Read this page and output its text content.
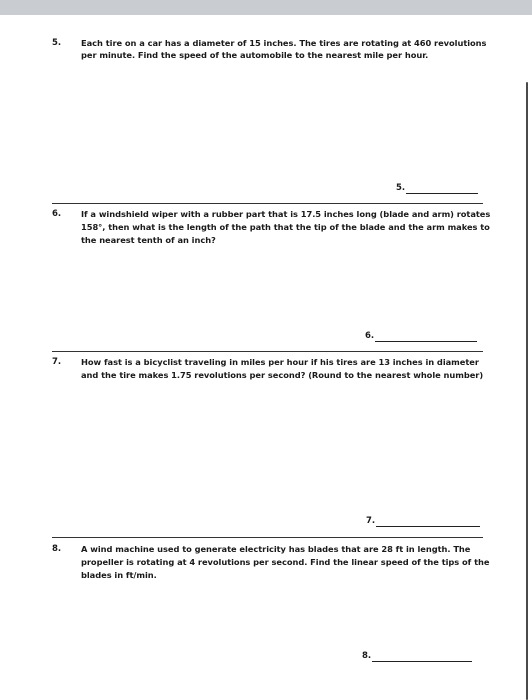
5. Each tire on a car has a diameter of 15 inches. The tires are rotating at 460 revolutions
per minute. Find the speed of the automobile to the nearest mile per hour.
5.
6. If a windshield wiper with a rubber part that is 17.5 inches long (blade and arm) rotates
158°, then what is the length of the path that the tip of the blade and the arm makes to
the nearest tenth of an inch?
6.
7. How fast is a bicyclist traveling in miles per hour if his tires are 13 inches in diameter
and the tire makes 1.75 revolutions per second? (Round to the nearest whole number)
7.
8. A wind machine used to generate electricity has blades that are 28 ft in length. The
propeller is rotating at 4 revolutions per second. Find the linear speed of the tips of the
blades in ft/min.
8.
